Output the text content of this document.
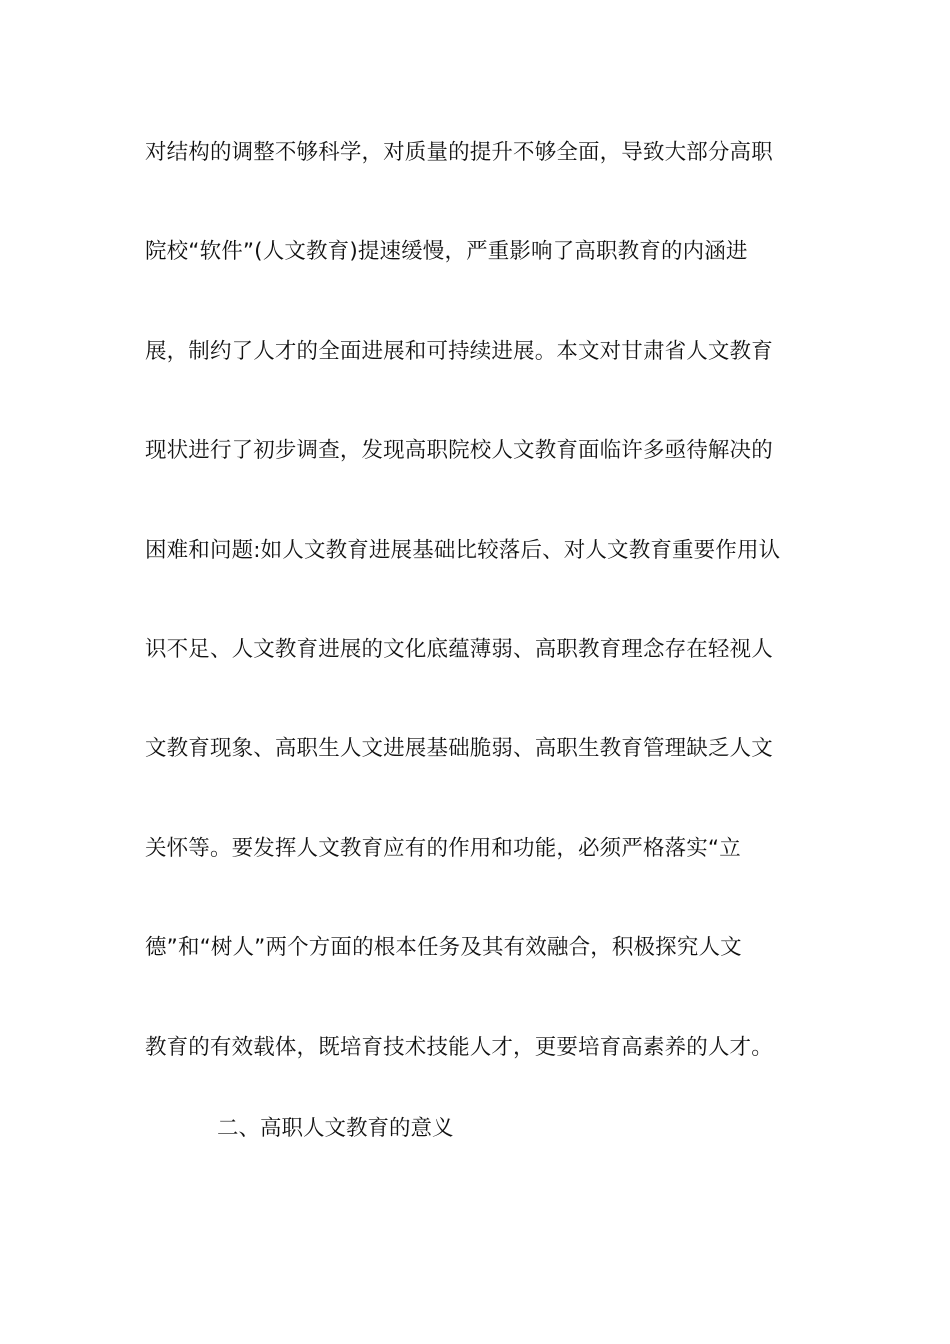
对结构的调整不够科学，对质量的提升不够全面，导致大部分高职
院校“软件”(人文教育)提速缓慢，严重影响了高职教育的内涵进
展，制约了人才的全面进展和可持续进展。本文对甘肃省人文教育
现状进行了初步调查，发现高职院校人文教育面临许多亟待解决的
困难和问题:如人文教育进展基础比较落后、对人文教育重要作用认
识不足、人文教育进展的文化底蕴薄弱、高职教育理念存在轻视人
文教育现象、高职生人文进展基础脆弱、高职生教育管理缺乏人文
关怀等。要发挥人文教育应有的作用和功能，必须严格落实“立
德”和“树人”两个方面的根本任务及其有效融合，积极探究人文
教育的有效载体，既培育技术技能人才，更要培育高素养的人才。
二、高职人文教育的意义
